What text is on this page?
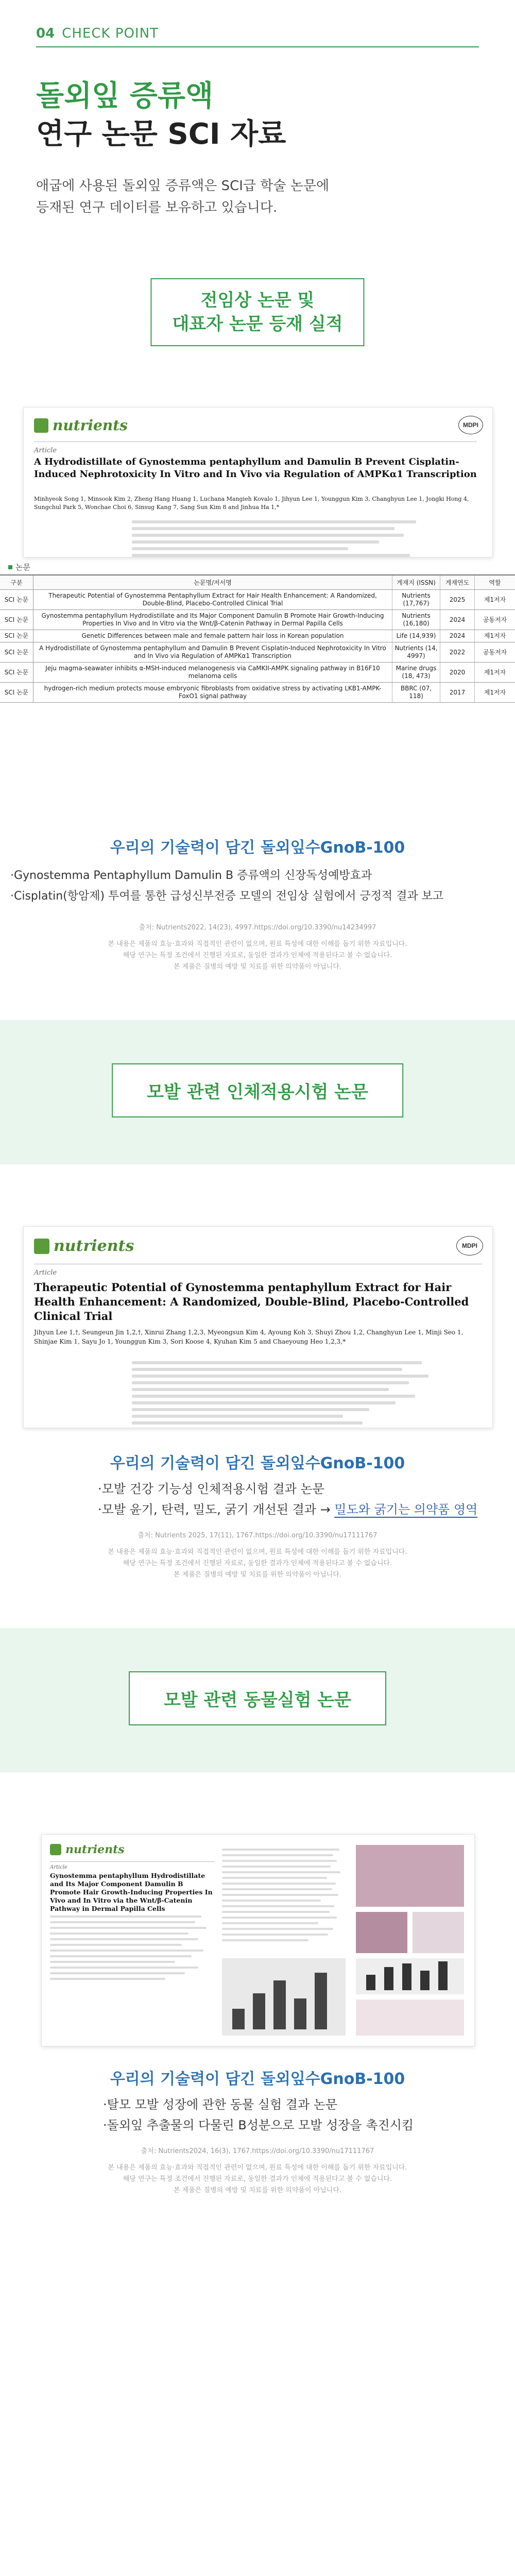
04 CHECK POINT
돌외잎 증류액
연구 논문 SCI 자료
애굽에 사용된 돌외잎 증류액은 SCI급 학술 논문에
등재된 연구 데이터를 보유하고 있습니다.
전임상 논문 및
대표자 논문 등재 실적
nutrients	MDPI
Article
A Hydrodistillate of Gynostemma pentaphyllum and Damulin B Prevent Cisplatin-Induced Nephrotoxicity In Vitro and In Vivo via Regulation of AMPKα1 Transcription
Minhyeok Song 1, Minsook Kim 2, Zheng Hang Huang 1, Luchana Mangieh Kovalo 1, Jihyun Lee 1, Younggun Kim 3, Changhyun Lee 1, Jongki Hong 4, Sungchul Park 5, Wonchae Choi 6, Sinsug Kang 7, Sang Sun Kim 8 and Jinhua Ha 1,*
논문
구분	논문명/저서명	게재지 (ISSN)	게재연도	역할
SCI 논문	Therapeutic Potential of Gynostemma Pentaphyllum Extract for Hair Health Enhancement: A Randomized, Double-Blind, Placebo-Controlled Clinical Trial	Nutrients (17,767)	2025	제1저자
SCI 논문	Gynostemma pentaphyllum Hydrodistillate and Its Major Component Damulin B Promote Hair Growth-Inducing Properties In Vivo and In Vitro via the Wnt/β-Catenin Pathway in Dermal Papilla Cells	Nutrients (16,180)	2024	공동저자
SCI 논문	Genetic Differences between male and female pattern hair loss in Korean population	Life (14,939)	2024	제1저자
SCI 논문	A Hydrodistillate of Gynostemma pentaphyllum and Damulin B Prevent Cisplatin-Induced Nephrotoxicity In Vitro and In Vivo via Regulation of AMPKα1 Transcription	Nutrients (14, 4997)	2022	공동저자
SCI 논문	Jeju magma-seawater inhibits α-MSH-induced melanogenesis via CaMKII-AMPK signaling pathway in B16F10 melanoma cells	Marine drugs (18, 473)	2020	제1저자
SCI 논문	hydrogen-rich medium protects mouse embryonic fibroblasts from oxidative stress by activating LKB1-AMPK-FoxO1 signal pathway	BBRC (07, 118)	2017	제1저자
우리의 기술력이 담긴 돌외잎수GnoB-100
·Gynostemma Pentaphyllum Damulin B 증류액의 신장독성예방효과
·Cisplatin(항암제) 투여를 통한 급성신부전증 모델의 전임상 실험에서 긍정적 결과 보고
출처: Nutrients2022, 14(23), 4997.https://doi.org/10.3390/nu14234997
본 내용은 제품의 효능·효과와 직접적인 관련이 없으며, 원료 특성에 대한 이해를 돕기 위한 자료입니다.
해당 연구는 특정 조건에서 진행된 자료로, 동일한 결과가 인체에 적용된다고 볼 수 없습니다.
본 제품은 질병의 예방 및 치료를 위한 의약품이 아닙니다.
모발 관련 인체적용시험 논문
nutrients	MDPI
Article
Therapeutic Potential of Gynostemma pentaphyllum Extract for Hair Health Enhancement: A Randomized, Double-Blind, Placebo-Controlled Clinical Trial
Jihyun Lee 1,†, Seungeun Jin 1,2,†, Xinrui Zhang 1,2,3, Myeongsun Kim 4, Ayoung Koh 3, Shuyi Zhou 1,2, Changhyun Lee 1, Minji Seo 1, Shinjae Kim 1, Sayu Jo 1, Younggun Kim 3, Sori Koose 4, Kyuhan Kim 5 and Chaeyoung Heo 1,2,3,*
우리의 기술력이 담긴 돌외잎수GnoB-100
·모발 건강 기능성 인체적용시험 결과 논문
·모발 윤기, 탄력, 밀도, 굵기 개선된 결과 → 밀도와 굵기는 의약품 영역
출처: Nutrients 2025, 17(11), 1767.https://doi.org/10.3390/nu17111767
본 내용은 제품의 효능·효과와 직접적인 관련이 없으며, 원료 특성에 대한 이해를 돕기 위한 자료입니다.
해당 연구는 특정 조건에서 진행된 자료로, 동일한 결과가 인체에 적용된다고 볼 수 없습니다.
본 제품은 질병의 예방 및 치료를 위한 의약품이 아닙니다.
모발 관련 동물실험 논문
nutrients
Article
Gynostemma pentaphyllum Hydrodistillate and Its Major Component Damulin B Promote Hair Growth-Inducing Properties In Vivo and In Vitro via the Wnt/β-Catenin Pathway in Dermal Papilla Cells
우리의 기술력이 담긴 돌외잎수GnoB-100
·탈모 모발 성장에 관한 동물 실험 결과 논문
·돌외잎 추출물의 다물린 B성분으로 모발 성장을 촉진시킴
출처: Nutrients2024, 16(3), 1767.https://doi.org/10.3390/nu17111767
본 내용은 제품의 효능·효과와 직접적인 관련이 없으며, 원료 특성에 대한 이해를 돕기 위한 자료입니다.
해당 연구는 특정 조건에서 진행된 자료로, 동일한 결과가 인체에 적용된다고 볼 수 없습니다.
본 제품은 질병의 예방 및 치료를 위한 의약품이 아닙니다.
